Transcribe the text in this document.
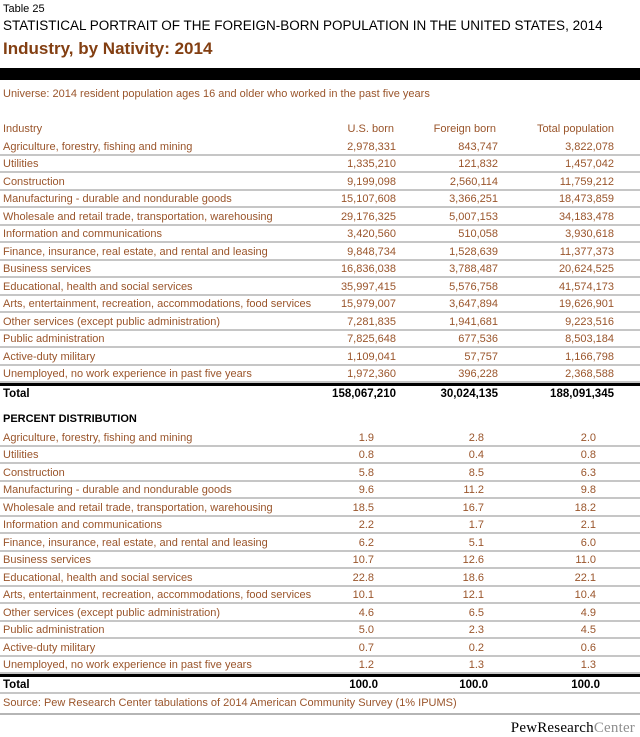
Table 25
STATISTICAL PORTRAIT OF THE FOREIGN-BORN POPULATION IN THE UNITED STATES, 2014
Industry, by Nativity: 2014
Universe: 2014 resident population ages 16 and older who worked in the past five years
Industry	U.S. born	Foreign born	Total population
Agriculture, forestry, fishing and mining	2,978,331	843,747	3,822,078
Utilities	1,335,210	121,832	1,457,042
Construction	9,199,098	2,560,114	11,759,212
Manufacturing - durable and nondurable goods	15,107,608	3,366,251	18,473,859
Wholesale and retail trade, transportation, warehousing	29,176,325	5,007,153	34,183,478
Information and communications	3,420,560	510,058	3,930,618
Finance, insurance, real estate, and rental and leasing	9,848,734	1,528,639	11,377,373
Business services	16,836,038	3,788,487	20,624,525
Educational, health and social services	35,997,415	5,576,758	41,574,173
Arts, entertainment, recreation, accommodations, food services	15,979,007	3,647,894	19,626,901
Other services (except public administration)	7,281,835	1,941,681	9,223,516
Public administration	7,825,648	677,536	8,503,184
Active-duty military	1,109,041	57,757	1,166,798
Unemployed, no work experience in past five years	1,972,360	396,228	2,368,588
Total	158,067,210	30,024,135	188,091,345
PERCENT DISTRIBUTION
Agriculture, forestry, fishing and mining	1.9	2.8	2.0
Utilities	0.8	0.4	0.8
Construction	5.8	8.5	6.3
Manufacturing - durable and nondurable goods	9.6	11.2	9.8
Wholesale and retail trade, transportation, warehousing	18.5	16.7	18.2
Information and communications	2.2	1.7	2.1
Finance, insurance, real estate, and rental and leasing	6.2	5.1	6.0
Business services	10.7	12.6	11.0
Educational, health and social services	22.8	18.6	22.1
Arts, entertainment, recreation, accommodations, food services	10.1	12.1	10.4
Other services (except public administration)	4.6	6.5	4.9
Public administration	5.0	2.3	4.5
Active-duty military	0.7	0.2	0.6
Unemployed, no work experience in past five years	1.2	1.3	1.3
Total	100.0	100.0	100.0
Source: Pew Research Center tabulations of 2014 American Community Survey (1% IPUMS)
PewResearchCenter
